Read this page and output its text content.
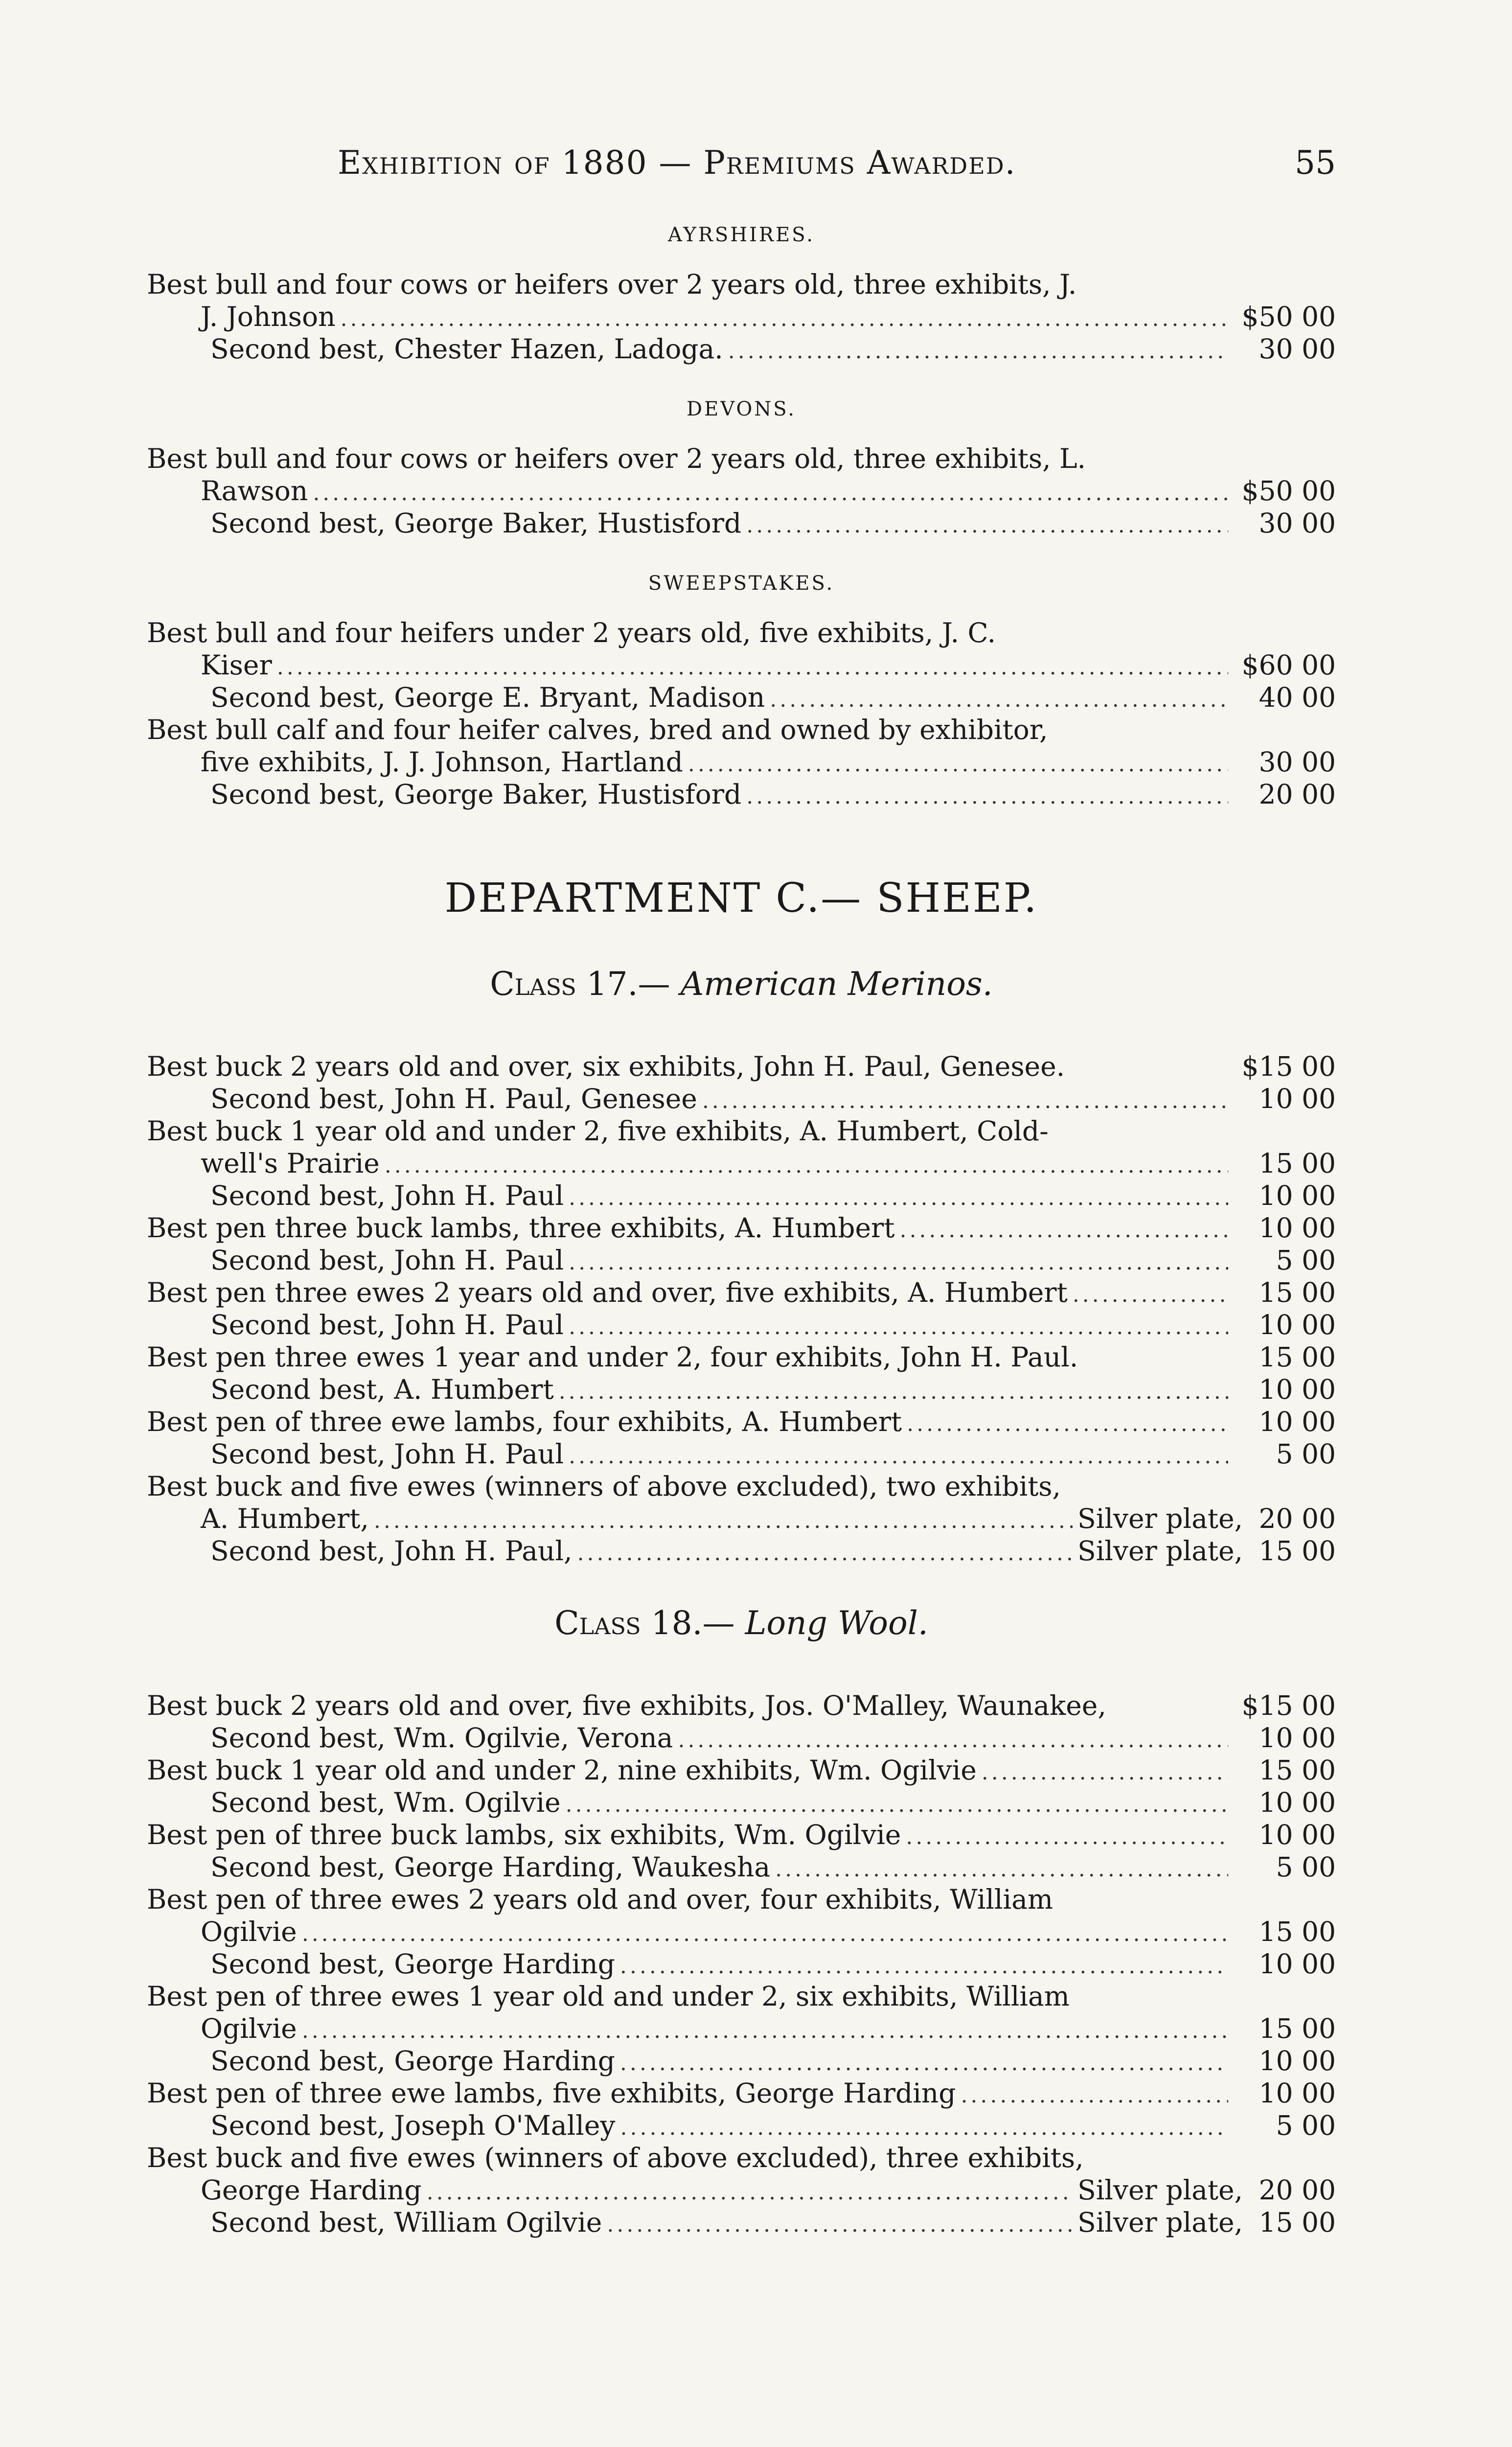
Exhibition of 1880 — Premiums Awarded.	55
AYRSHIRES.
Best bull and four cows or heifers over 2 years old, three exhibits, J.
J. Johnson .....	$50 00
Second best, Chester Hazen, Ladoga. .....	30 00
DEVONS.
Best bull and four cows or heifers over 2 years old, three exhibits, L.
Rawson .....	$50 00
Second best, George Baker, Hustisford .....	30 00
SWEEPSTAKES.
Best bull and four heifers under 2 years old, five exhibits, J. C.
Kiser .....	$60 00
Second best, George E. Bryant, Madison .....	40 00
Best bull calf and four heifer calves, bred and owned by exhibitor,
five exhibits, J. J. Johnson, Hartland .....	30 00
Second best, George Baker, Hustisford .....	20 00
DEPARTMENT C.— SHEEP.
Class 17.— American Merinos.
Best buck 2 years old and over, six exhibits, John H. Paul, Genesee.	$15 00
Second best, John H. Paul, Genesee .....	10 00
Best buck 1 year old and under 2, five exhibits, A. Humbert, Cold-
well's Prairie .....	15 00
Second best, John H. Paul .....	10 00
Best pen three buck lambs, three exhibits, A. Humbert .....	10 00
Second best, John H. Paul .....	5 00
Best pen three ewes 2 years old and over, five exhibits, A. Humbert .....	15 00
Second best, John H. Paul .....	10 00
Best pen three ewes 1 year and under 2, four exhibits, John H. Paul.	15 00
Second best, A. Humbert .....	10 00
Best pen of three ewe lambs, four exhibits, A. Humbert .....	10 00
Second best, John H. Paul .....	5 00
Best buck and five ewes (winners of above excluded), two exhibits,
A. Humbert, .....	Silver plate, 20 00
Second best, John H. Paul, .....	Silver plate, 15 00
Class 18.— Long Wool.
Best buck 2 years old and over, five exhibits, Jos. O'Malley, Waunakee,	$15 00
Second best, Wm. Ogilvie, Verona .....	10 00
Best buck 1 year old and under 2, nine exhibits, Wm. Ogilvie .....	15 00
Second best, Wm. Ogilvie .....	10 00
Best pen of three buck lambs, six exhibits, Wm. Ogilvie .....	10 00
Second best, George Harding, Waukesha .....	5 00
Best pen of three ewes 2 years old and over, four exhibits, William
Ogilvie .....	15 00
Second best, George Harding .....	10 00
Best pen of three ewes 1 year old and under 2, six exhibits, William
Ogilvie .....	15 00
Second best, George Harding .....	10 00
Best pen of three ewe lambs, five exhibits, George Harding .....	10 00
Second best, Joseph O'Malley .....	5 00
Best buck and five ewes (winners of above excluded), three exhibits,
George Harding .....	Silver plate, 20 00
Second best, William Ogilvie .....	Silver plate, 15 00
